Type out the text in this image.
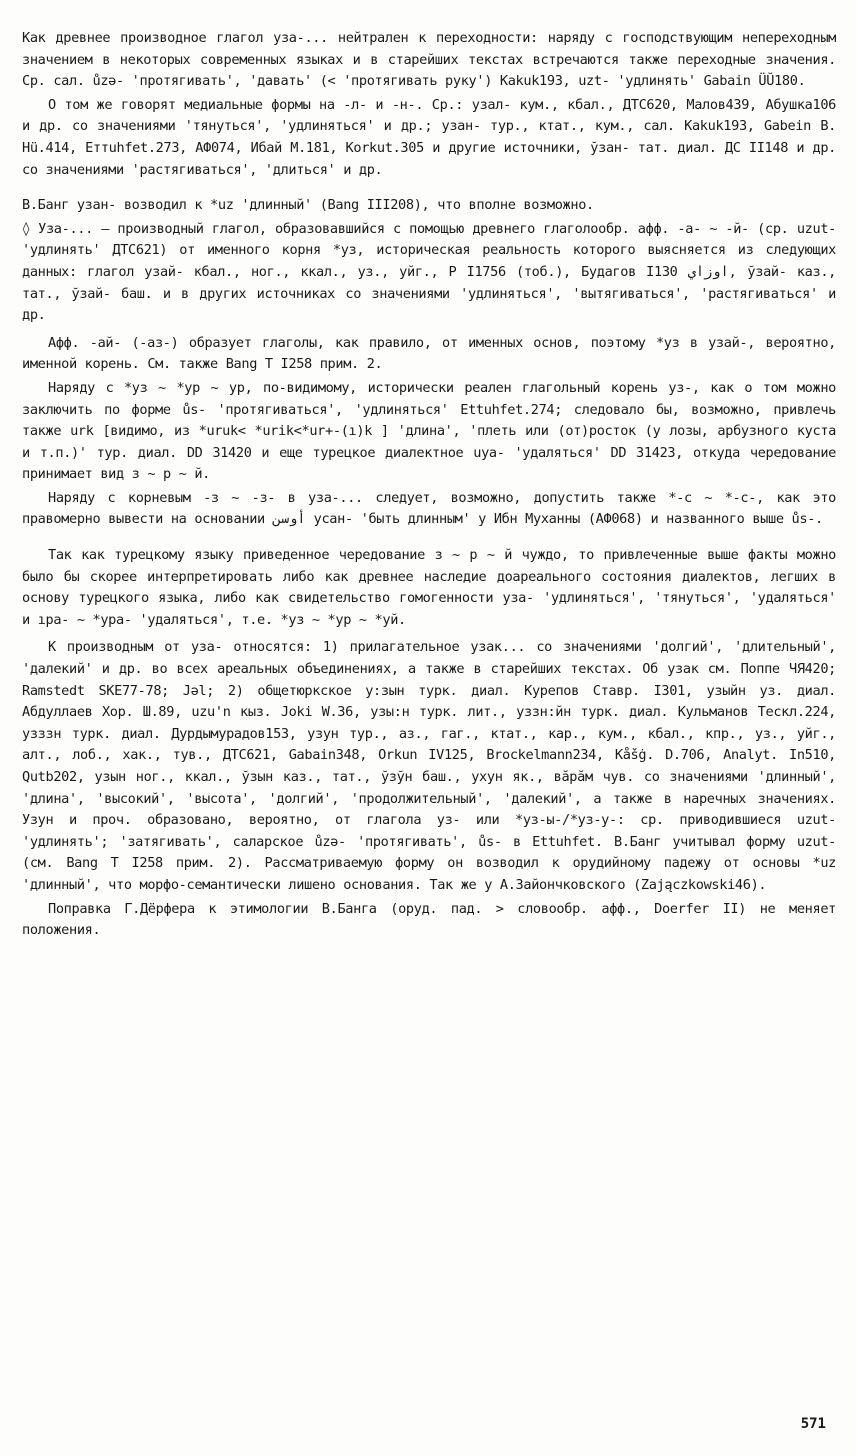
Как древнее производное глагол уза-... нейтрален к переходности: наряду с господствующим непереходным значением в некоторых современных языках и в старейших текстах встречаются также переходные значения. Ср. сал. ůzə- 'протягивать', 'давать' (< 'протягивать руку') Kakuk193, uzt- 'удлинять' Gabain ÜŬ180.

О том же говорят медиальные формы на -л- и -н-. Ср.: узал- кум., кбал., ДТС620, Малов439, Абушка106 и др. со значениями 'тянуться', 'удлиняться' и др.; узан- тур., ктат., кум., сал. Kakuk193, Gabein B. Hü.414, Eттuhfet.273, АФ074, Ибай М.181, Korkut.305 и другие источники, ўзан- тат. диал. ДС II148 и др. со значениями 'растягиваться', 'длиться' и др.

В.Банг узан- возводил к *uz 'длинный' (Bang III208), что вполне возможно.

◊ Уза-... – производный глагол, образовавшийся с помощью древнего глаголообр. афф. -а- ~ -й- (ср. uzut- 'удлинять' ДТС621) от именного корня *уз, историческая реальность которого выясняется из следующих данных: глагол узай- кбал., ног., ккал., уз., уйг., Р I1756 (тоб.), Будагов I130 اوزاي, ўзай- каз., тат., ўзай- баш. и в других источниках со значениями 'удлиняться', 'вытягиваться', 'растягиваться' и др.

Афф. -ай- (-аз-) образует глаголы, как правило, от именных основ, поэтому *уз в узай-, вероятно, именной корень. См. также Bang T I258 прим. 2.

Наряду с *уз ~ *ур ~ ур, по-видимому, исторически реален глагольный корень уз-, как о том можно заключить по форме ůs- 'протягиваться', 'удлиняться' Ettuhfet.274; следовало бы, возможно, привлечь также urk [видимо, из *uruk< *urik<*ur+-(ı)k ] 'длина', 'плеть или (от)росток (у лозы, арбузного куста и т.п.)' тур. диал. DD 31420 и еще турецкое диалектное uya- 'удаляться' DD 31423, откуда чередование принимает вид з ~ р ~ й.

Наряду с корневым -з ~ -з- в уза-... следует, возможно, допустить также *-с ~ *-с-, как это правомерно вывести на основании أوسن усан- 'быть длинным' у Ибн Муханны (АФ068) и названного выше ůs-.

Так как турецкому языку приведенное чередование з ~ р ~ й чуждо, то привлеченные выше факты можно было бы скорее интерпретировать либо как древнее наследие доареального состояния диалектов, легших в основу турецкого языка, либо как свидетельство гомогенности уза- 'удлиняться', 'тянуться', 'удаляться' и ıра- ~ *ура- 'удаляться', т.е. *уз ~ *ур ~ *уй.

К производным от уза- относятся: 1) прилагательное узак... со значениями 'долгий', 'длительный', 'далекий' и др. во всех ареальных объединениях, а также в старейших текстах. Об узак см. Поппе ЧЯ420; Ramstedt SKE77-78; Jǝl; 2) общетюркское у:зын турк. диал. Курепов Ставр. I301, узыйн уз. диал. Абдуллаев Хор. Ш.89, uzu'n кыз. Joki W.36, узы:н турк. лит., уззн:йн турк. диал. Кульманов Тескл.224, узззн турк. диал. Дурдымурадов153, узун тур., аз., гаг., ктат., кар., кум., кбал., кпр., уз., уйг., алт., лоб., хак., тув., ДТС621, Gabain348, Orkun IV125, Brockelmann234, Kåšġ. D.706, Analyt. In510, Qutb202, узын ног., ккал., ўзын каз., тат., ўзўн баш., ухун як., вăрăм чув. со значениями 'длинный', 'длина', 'высокий', 'высота', 'долгий', 'продолжительный', 'далекий', а также в наречных значениях. Узун и проч. образовано, вероятно, от глагола уз- или *уз-ы-/*уз-у-: ср. приводившиеся uzut- 'удлинять'; 'затягивать', саларское ůzǝ- 'протягивать', ůs- в Ettuhfet. В.Банг учитывал форму uzut- (см. Bang T I258 прим. 2). Рассматриваемую форму он возводил к орудийному падежу от основы *uz 'длинный', что морфо-семантически лишено основания. Так же у А.Зайончковского (Zajączkowski46).

Поправка Г.Дёрфера к этимологии В.Банга (оруд. пад. > словообр. афф., Doerfer II) не меняет положения.

571
